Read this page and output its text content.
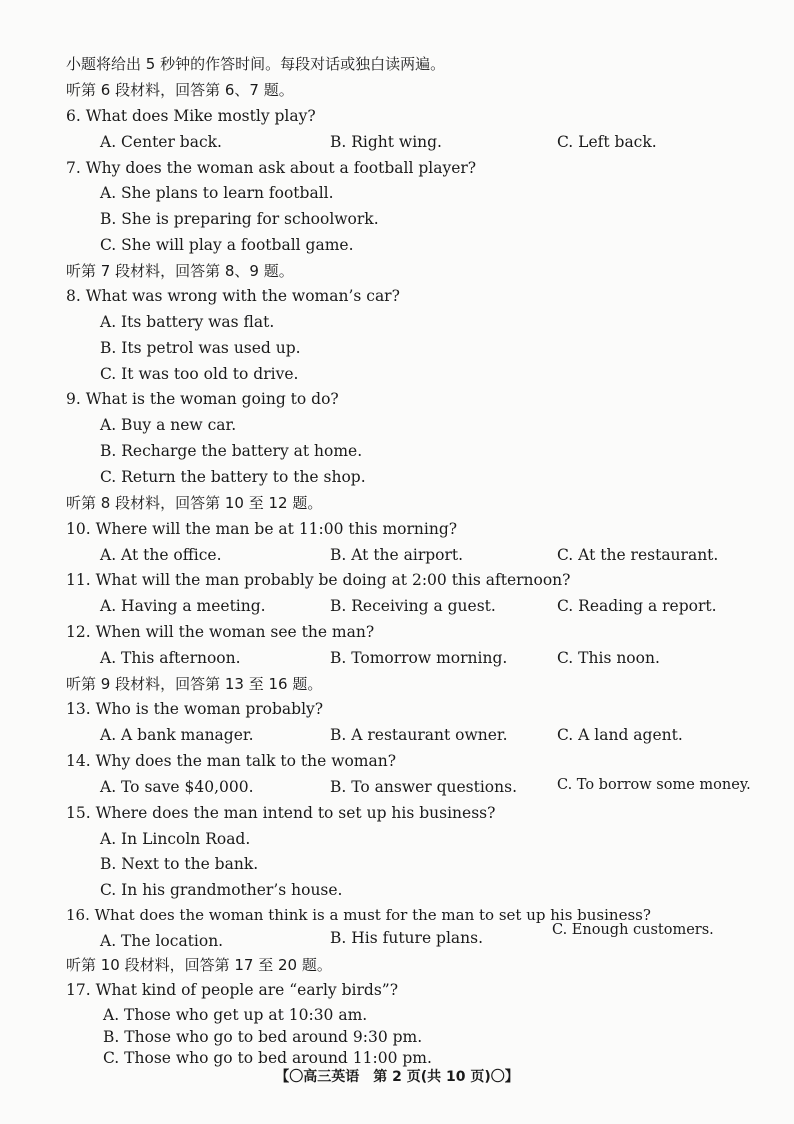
小题将给出 5 秒钟的作答时间。每段对话或独白读两遍。
听第 6 段材料，回答第 6、7 题。
6. What does Mike mostly play?
A. Center back.	B. Right wing.	C. Left back.
7. Why does the woman ask about a football player?
A. She plans to learn football.
B. She is preparing for schoolwork.
C. She will play a football game.
听第 7 段材料，回答第 8、9 题。
8. What was wrong with the woman’s car?
A. Its battery was flat.
B. Its petrol was used up.
C. It was too old to drive.
9. What is the woman going to do?
A. Buy a new car.
B. Recharge the battery at home.
C. Return the battery to the shop.
听第 8 段材料，回答第 10 至 12 题。
10. Where will the man be at 11:00 this morning?
A. At the office.	B. At the airport.	C. At the restaurant.
11. What will the man probably be doing at 2:00 this afternoon?
A. Having a meeting.	B. Receiving a guest.	C. Reading a report.
12. When will the woman see the man?
A. This afternoon.	B. Tomorrow morning.	C. This noon.
听第 9 段材料，回答第 13 至 16 题。
13. Who is the woman probably?
A. A bank manager.	B. A restaurant owner.	C. A land agent.
14. Why does the man talk to the woman?
A. To save $40,000.	B. To answer questions.	C. To borrow some money.
15. Where does the man intend to set up his business?
A. In Lincoln Road.
B. Next to the bank.
C. In his grandmother’s house.
16. What does the woman think is a must for the man to set up his business?
A. The location.	B. His future plans.	C. Enough customers.
听第 10 段材料，回答第 17 至 20 题。
17. What kind of people are “early birds”?
A. Those who get up at 10:30 am.
B. Those who go to bed around 9:30 pm.
C. Those who go to bed around 11:00 pm.
【〇高三英语　第 2 页(共 10 页)〇】
